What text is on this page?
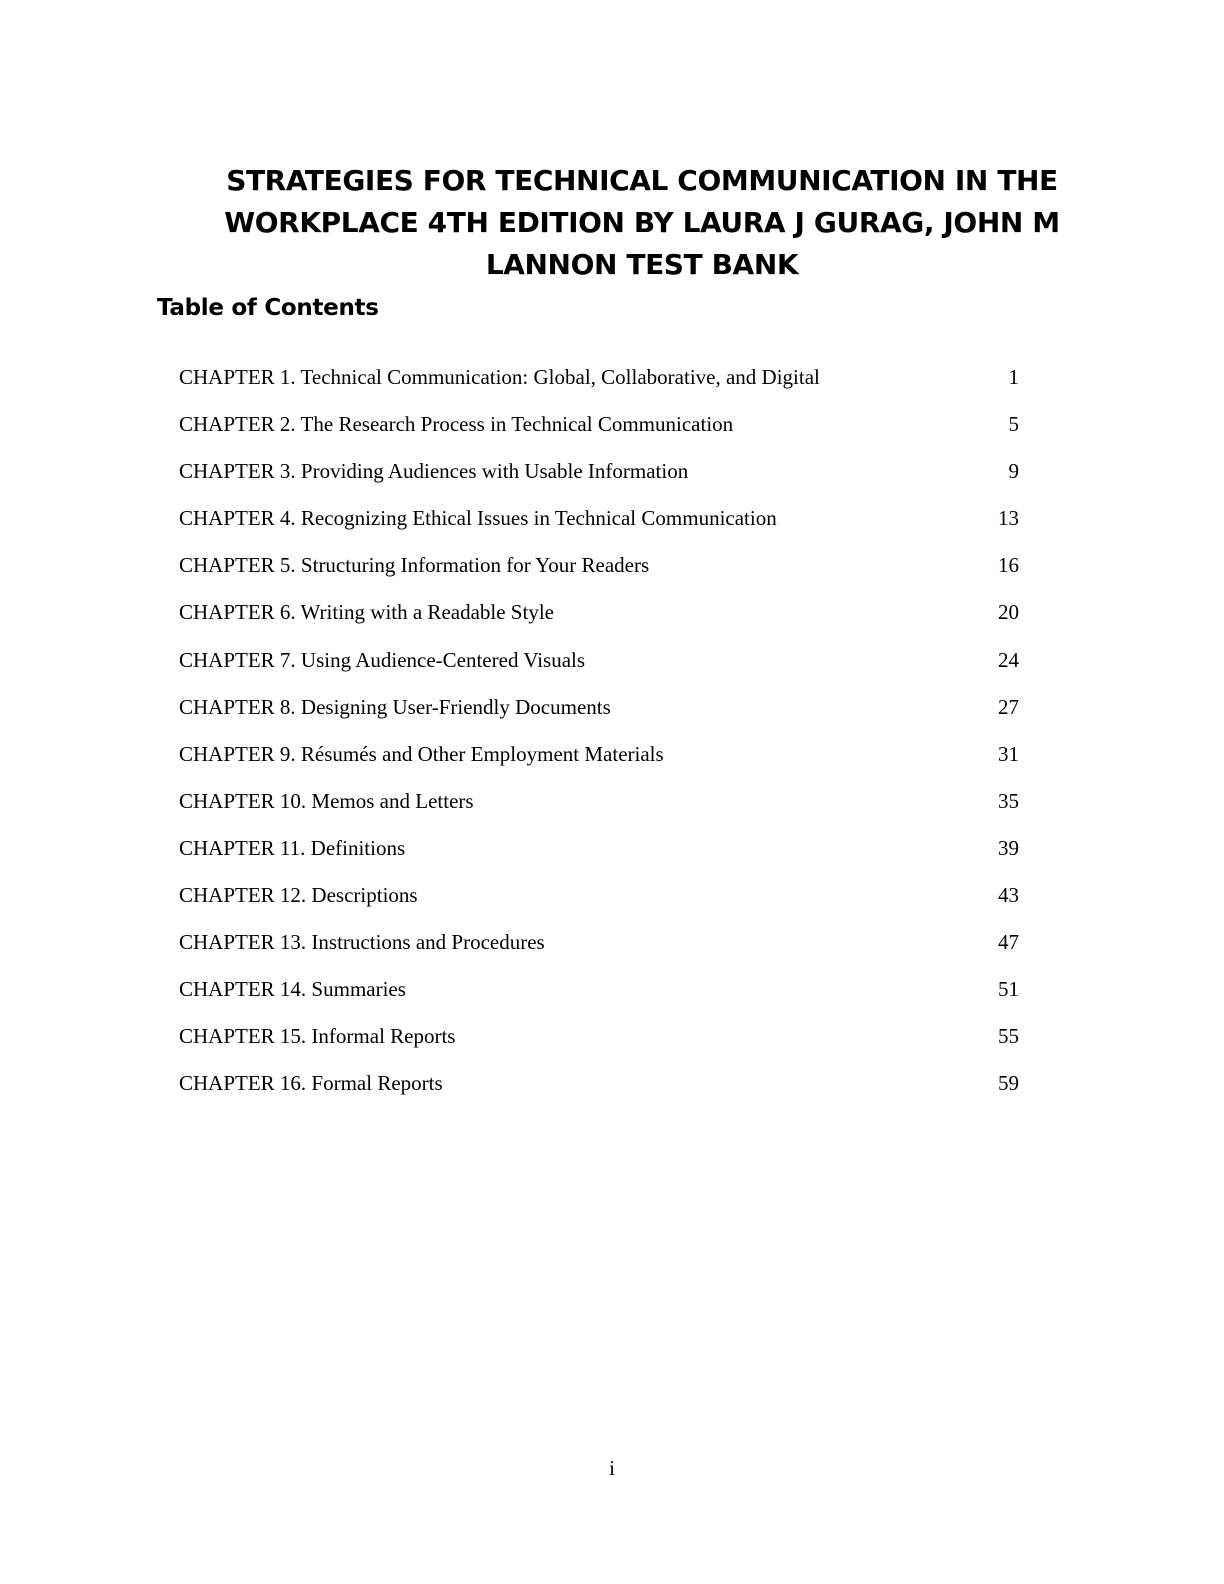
STRATEGIES FOR TECHNICAL COMMUNICATION IN THE
WORKPLACE 4TH EDITION BY LAURA J GURAG, JOHN M
LANNON TEST BANK
Table of Contents
CHAPTER 1. Technical Communication: Global, Collaborative, and Digital	1
CHAPTER 2. The Research Process in Technical Communication	5
CHAPTER 3. Providing Audiences with Usable Information	9
CHAPTER 4. Recognizing Ethical Issues in Technical Communication	13
CHAPTER 5. Structuring Information for Your Readers	16
CHAPTER 6. Writing with a Readable Style	20
CHAPTER 7. Using Audience-Centered Visuals	24
CHAPTER 8. Designing User-Friendly Documents	27
CHAPTER 9. Résumés and Other Employment Materials	31
CHAPTER 10. Memos and Letters	35
CHAPTER 11. Definitions	39
CHAPTER 12. Descriptions	43
CHAPTER 13. Instructions and Procedures	47
CHAPTER 14. Summaries	51
CHAPTER 15. Informal Reports	55
CHAPTER 16. Formal Reports	59
i
